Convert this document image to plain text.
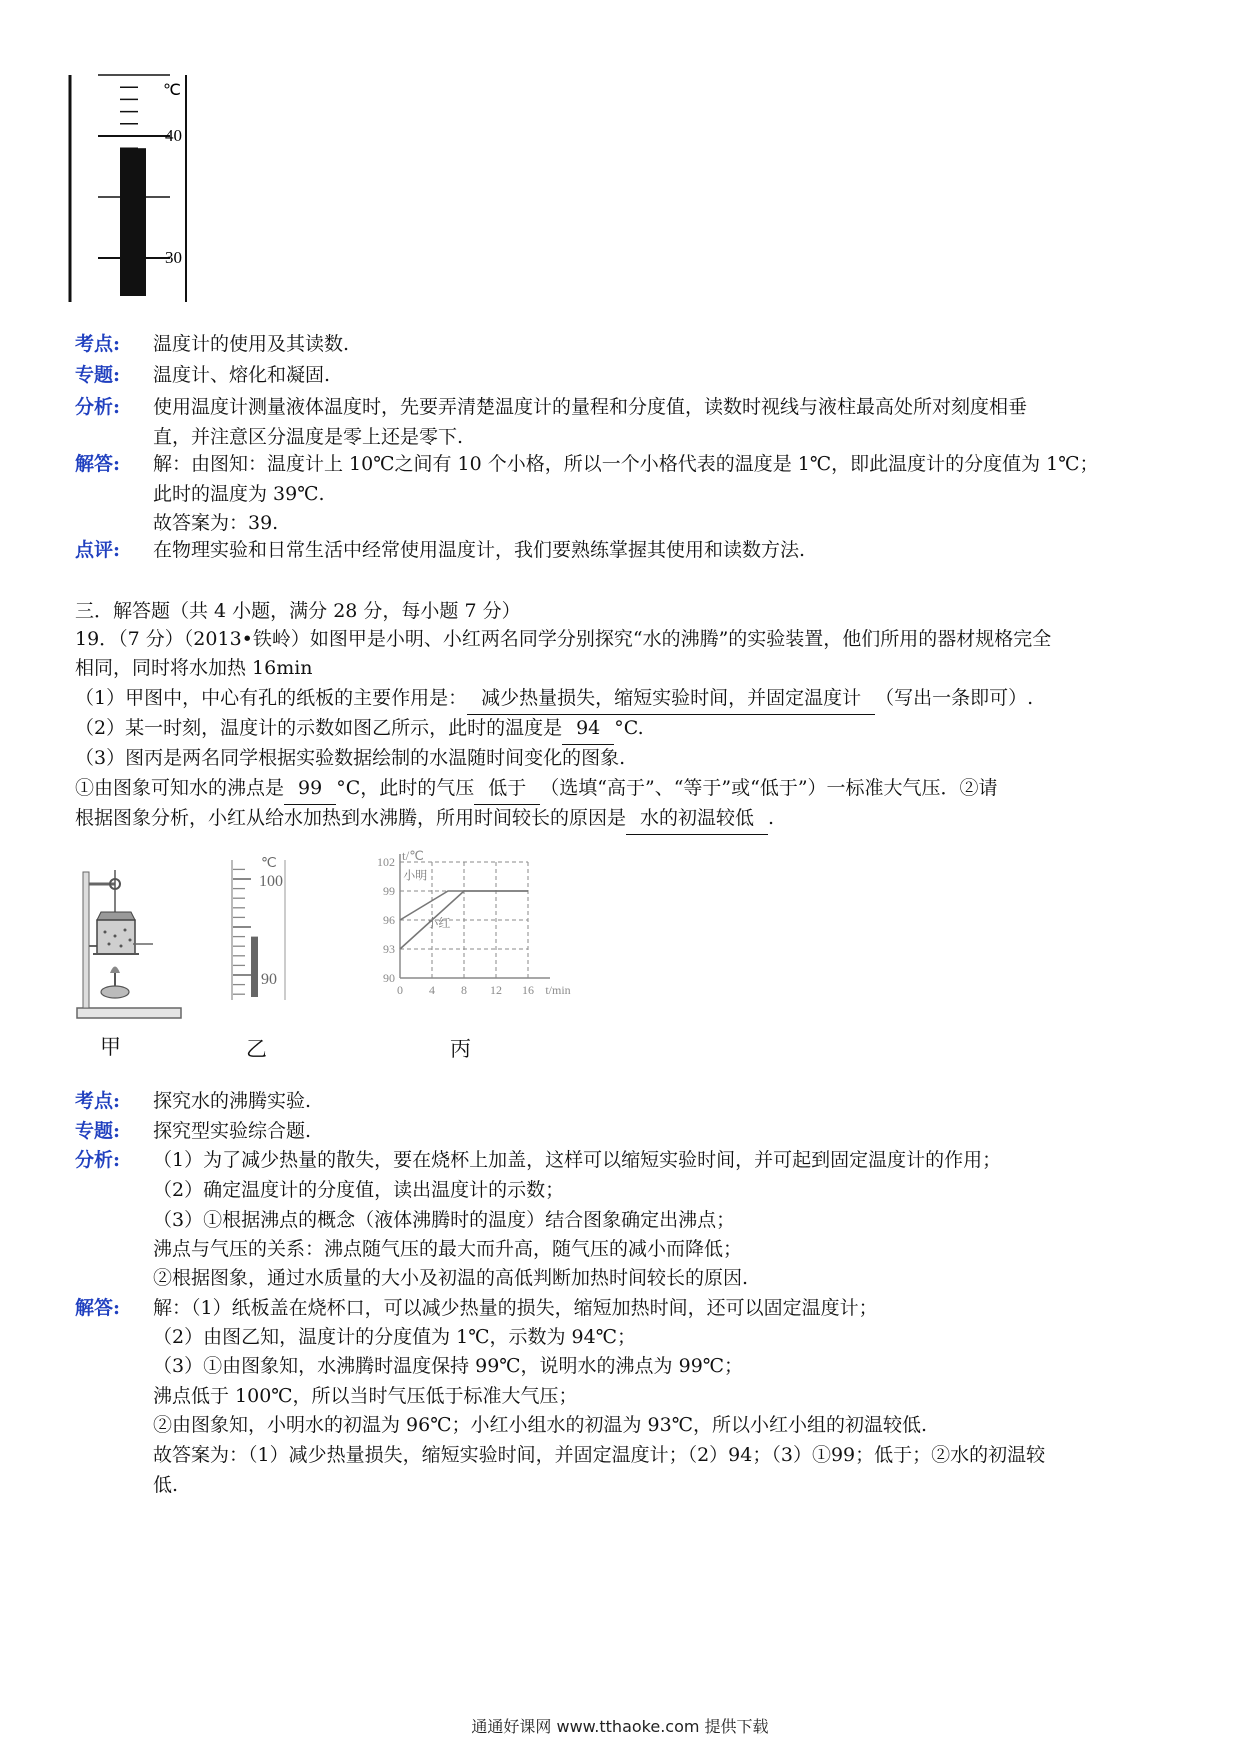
℃
40
30
考点: 温度计的使用及其读数.
专题: 温度计、熔化和凝固.
分析: 使用温度计测量液体温度时，先要弄清楚温度计的量程和分度值，读数时视线与液柱最高处所对刻度相垂
直，并注意区分温度是零上还是零下.
解答: 解：由图知：温度计上 10℃之间有 10 个小格，所以一个小格代表的温度是 1℃，即此温度计的分度值为 1℃；
此时的温度为 39℃.
故答案为：39.
点评: 在物理实验和日常生活中经常使用温度计，我们要熟练掌握其使用和读数方法.
三．解答题（共 4 小题，满分 28 分，每小题 7 分）
19．（7 分）（2013•铁岭）如图甲是小明、小红两名同学分别探究“水的沸腾”的实验装置，他们所用的器材规格完全
相同，同时将水加热 16min
（1）甲图中，中心有孔的纸板的主要作用是： 减少热量损失，缩短实验时间，并固定温度计 （写出一条即可）.
（2）某一时刻，温度计的示数如图乙所示，此时的温度是 94 °C.
（3）图丙是两名同学根据实验数据绘制的水温随时间变化的图象.
①由图象可知水的沸点是 99 °C，此时的气压 低于 （选填“高于”、“等于”或“低于”）一标准大气压．②请
根据图象分析，小红从给水加热到水沸腾，所用时间较长的原因是 水的初温较低 .
℃
100
90
0 4 8 12 16
90
93
96
99
102 t/℃
t/min
小明
小红
甲	乙	丙
考点: 探究水的沸腾实验.
专题: 探究型实验综合题.
分析: （1）为了减少热量的散失，要在烧杯上加盖，这样可以缩短实验时间，并可起到固定温度计的作用；
（2）确定温度计的分度值，读出温度计的示数；
（3）①根据沸点的概念（液体沸腾时的温度）结合图象确定出沸点；
沸点与气压的关系：沸点随气压的最大而升高，随气压的减小而降低；
②根据图象，通过水质量的大小及初温的高低判断加热时间较长的原因.
解答: 解：（1）纸板盖在烧杯口，可以减少热量的损失，缩短加热时间，还可以固定温度计；
（2）由图乙知，温度计的分度值为 1℃，示数为 94℃；
（3）①由图象知，水沸腾时温度保持 99℃，说明水的沸点为 99℃；
沸点低于 100℃，所以当时气压低于标准大气压；
②由图象知，小明水的初温为 96℃；小红小组水的初温为 93℃，所以小红小组的初温较低.
故答案为：（1）减少热量损失，缩短实验时间，并固定温度计；（2）94；（3）①99；低于；②水的初温较
低.
通通好课网 www.tthaoke.com 提供下载
